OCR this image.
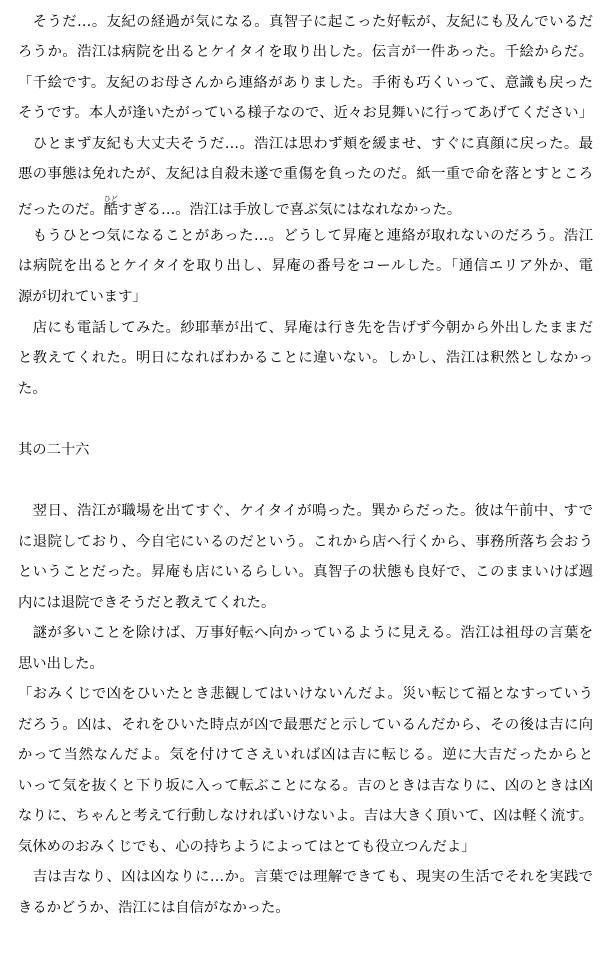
　そうだ…。友紀の経過が気になる。真智子に起こった好転が、友紀にも及んでいるだ
ろうか。浩江は病院を出るとケイタイを取り出した。伝言が一件あった。千絵からだ。
「千絵です。友紀のお母さんから連絡がありました。手術も巧くいって、意識も戻った
そうです。本人が逢いたがっている様子なので、近々お見舞いに行ってあげてください」
　ひとまず友紀も大丈夫そうだ…。浩江は思わず頬を緩ませ、すぐに真顔に戻った。最
悪の事態は免れたが、友紀は自殺未遂で重傷を負ったのだ。紙一重で命を落とすところ
だったのだ。酷ひどすぎる…。浩江は手放しで喜ぶ気にはなれなかった。
　もうひとつ気になることがあった…。どうして昇庵と連絡が取れないのだろう。浩江
は病院を出るとケイタイを取り出し、昇庵の番号をコールした。「通信エリア外か、電
源が切れています」
　店にも電話してみた。紗耶華が出て、昇庵は行き先を告げず今朝から外出したままだ
と教えてくれた。明日になればわかることに違いない。しかし、浩江は釈然としなかっ
た。
其の二十六
　翌日、浩江が職場を出てすぐ、ケイタイが鳴った。巽からだった。彼は午前中、すで
に退院しており、今自宅にいるのだという。これから店へ行くから、事務所落ち会おう
ということだった。昇庵も店にいるらしい。真智子の状態も良好で、このままいけば週
内には退院できそうだと教えてくれた。
　謎が多いことを除けば、万事好転へ向かっているように見える。浩江は祖母の言葉を
思い出した。
「おみくじで凶をひいたとき悲観してはいけないんだよ。災い転じて福となすっていう
だろう。凶は、それをひいた時点が凶で最悪だと示しているんだから、その後は吉に向
かって当然なんだよ。気を付けてさえいれば凶は吉に転じる。逆に大吉だったからと
いって気を抜くと下り坂に入って転ぶことになる。吉のときは吉なりに、凶のときは凶
なりに、ちゃんと考えて行動しなければいけないよ。吉は大きく頂いて、凶は軽く流す。
気休めのおみくじでも、心の持ちようによってはとても役立つんだよ」
　吉は吉なり、凶は凶なりに…か。言葉では理解できても、現実の生活でそれを実践で
きるかどうか、浩江には自信がなかった。
